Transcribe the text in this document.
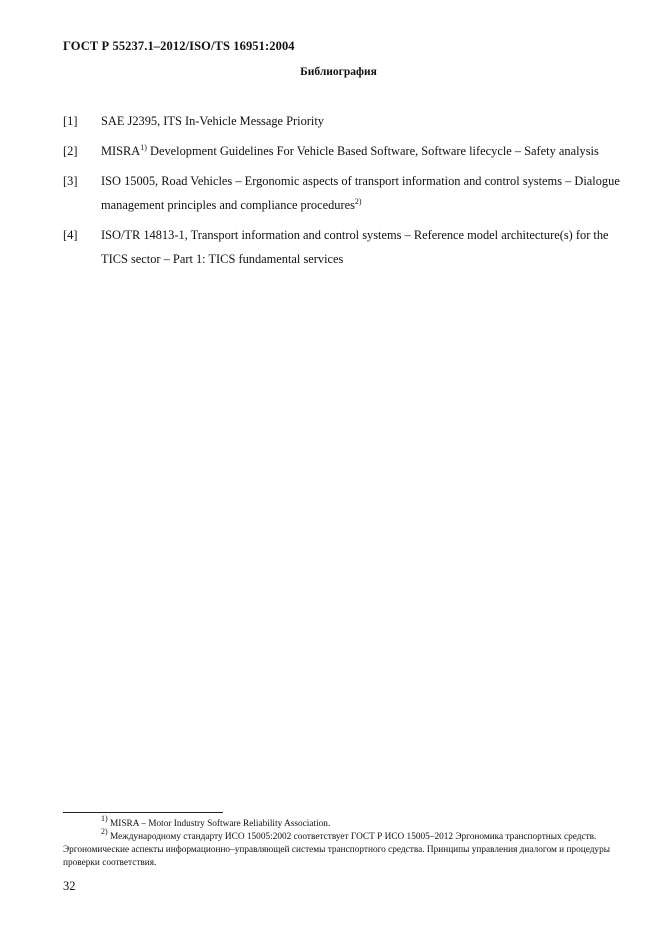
ГОСТ Р 55237.1–2012/ISO/TS 16951:2004
Библиография
[1] SAE J2395, ITS In-Vehicle Message Priority
[2] MISRA$^{1)}$ Development Guidelines For Vehicle Based Software, Software lifecycle – Safety analysis
[3] ISO 15005, Road Vehicles – Ergonomic aspects of transport information and control systems – Dialogue management principles and compliance procedures$^{2)}$
[4] ISO/TR 14813-1, Transport information and control systems – Reference model architecture(s) for the TICS sector – Part 1: TICS fundamental services
$^{1)}$ MISRA – Motor Industry Software Reliability Association.
$^{2)}$ Международному стандарту ИСО 15005:2002 соответствует ГОСТ Р ИСО 15005–2012 Эргономика транспортных средств. Эргономические аспекты информационно–управляющей системы транспортного средства. Принципы управления диалогом и процедуры проверки соответствия.
32
